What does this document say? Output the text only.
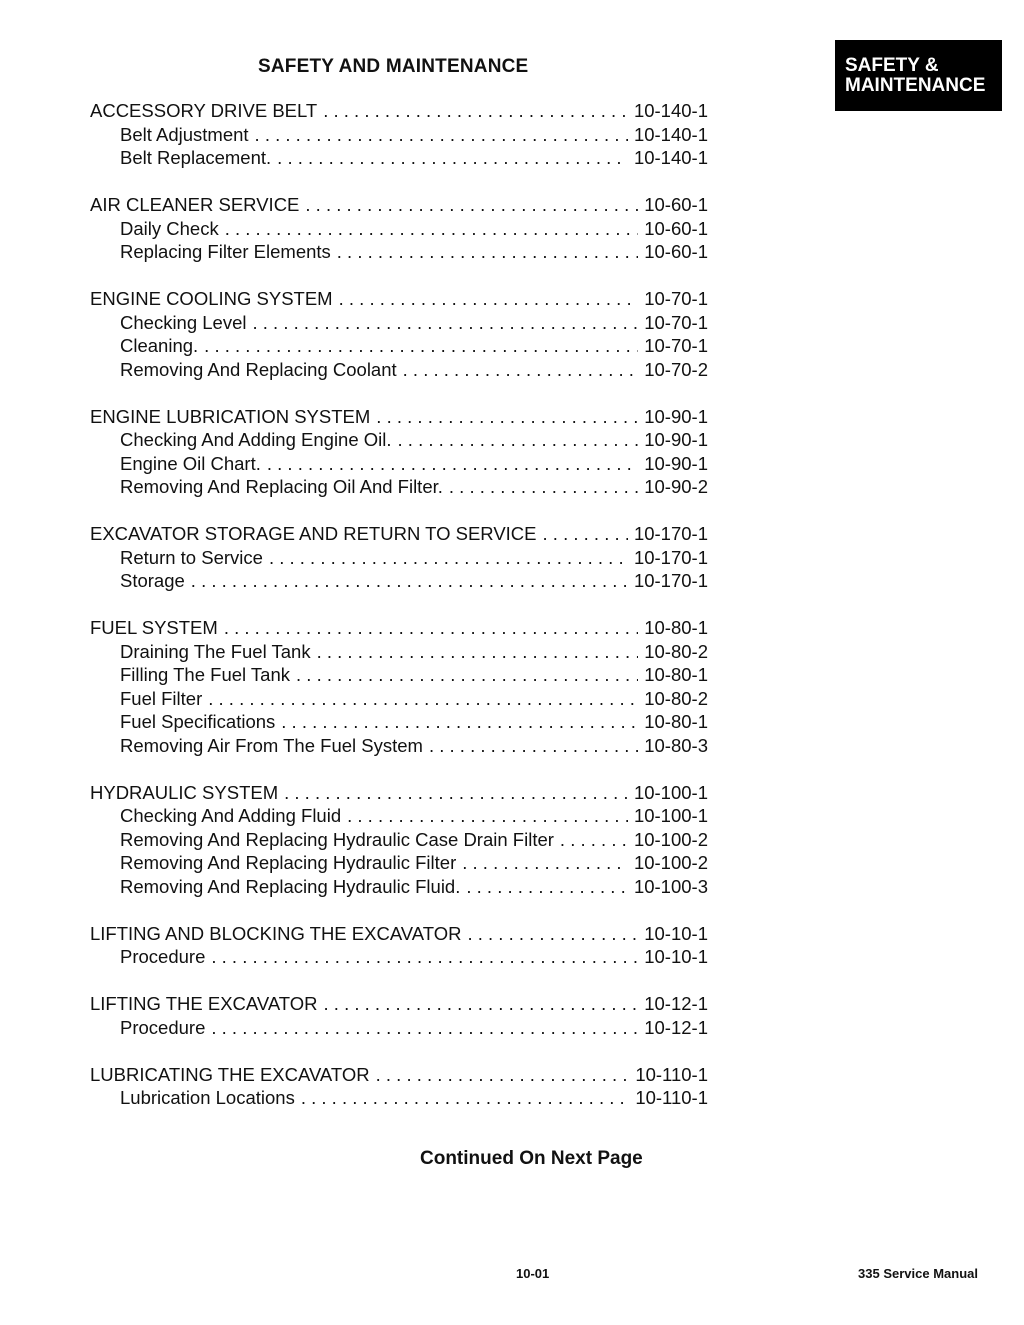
SAFETY AND MAINTENANCE	SAFETY &
MAINTENANCE
ACCESSORY DRIVE BELT . . .	10-140-1
Belt Adjustment . . .	10-140-1
Belt Replacement. . . .	10-140-1
AIR CLEANER SERVICE . . .	10-60-1
Daily Check . . .	10-60-1
Replacing Filter Elements . . .	10-60-1
ENGINE COOLING SYSTEM . . .	10-70-1
Checking Level . . .	10-70-1
Cleaning. . . .	10-70-1
Removing And Replacing Coolant . . .	10-70-2
ENGINE LUBRICATION SYSTEM . . .	10-90-1
Checking And Adding Engine Oil. . . .	10-90-1
Engine Oil Chart. . . .	10-90-1
Removing And Replacing Oil And Filter. . . .	10-90-2
EXCAVATOR STORAGE AND RETURN TO SERVICE . . .	10-170-1
Return to Service . . .	10-170-1
Storage . . .	10-170-1
FUEL SYSTEM . . .	10-80-1
Draining The Fuel Tank . . .	10-80-2
Filling The Fuel Tank . . .	10-80-1
Fuel Filter . . .	10-80-2
Fuel Specifications . . .	10-80-1
Removing Air From The Fuel System . . .	10-80-3
HYDRAULIC SYSTEM . . .	10-100-1
Checking And Adding Fluid . . .	10-100-1
Removing And Replacing Hydraulic Case Drain Filter . . .	10-100-2
Removing And Replacing Hydraulic Filter . . .	10-100-2
Removing And Replacing Hydraulic Fluid. . . .	10-100-3
LIFTING AND BLOCKING THE EXCAVATOR . . .	10-10-1
Procedure . . .	10-10-1
LIFTING THE EXCAVATOR . . .	10-12-1
Procedure . . .	10-12-1
LUBRICATING THE EXCAVATOR . . .	10-110-1
Lubrication Locations . . .	10-110-1
Continued On Next Page
10-01	335 Service Manual
